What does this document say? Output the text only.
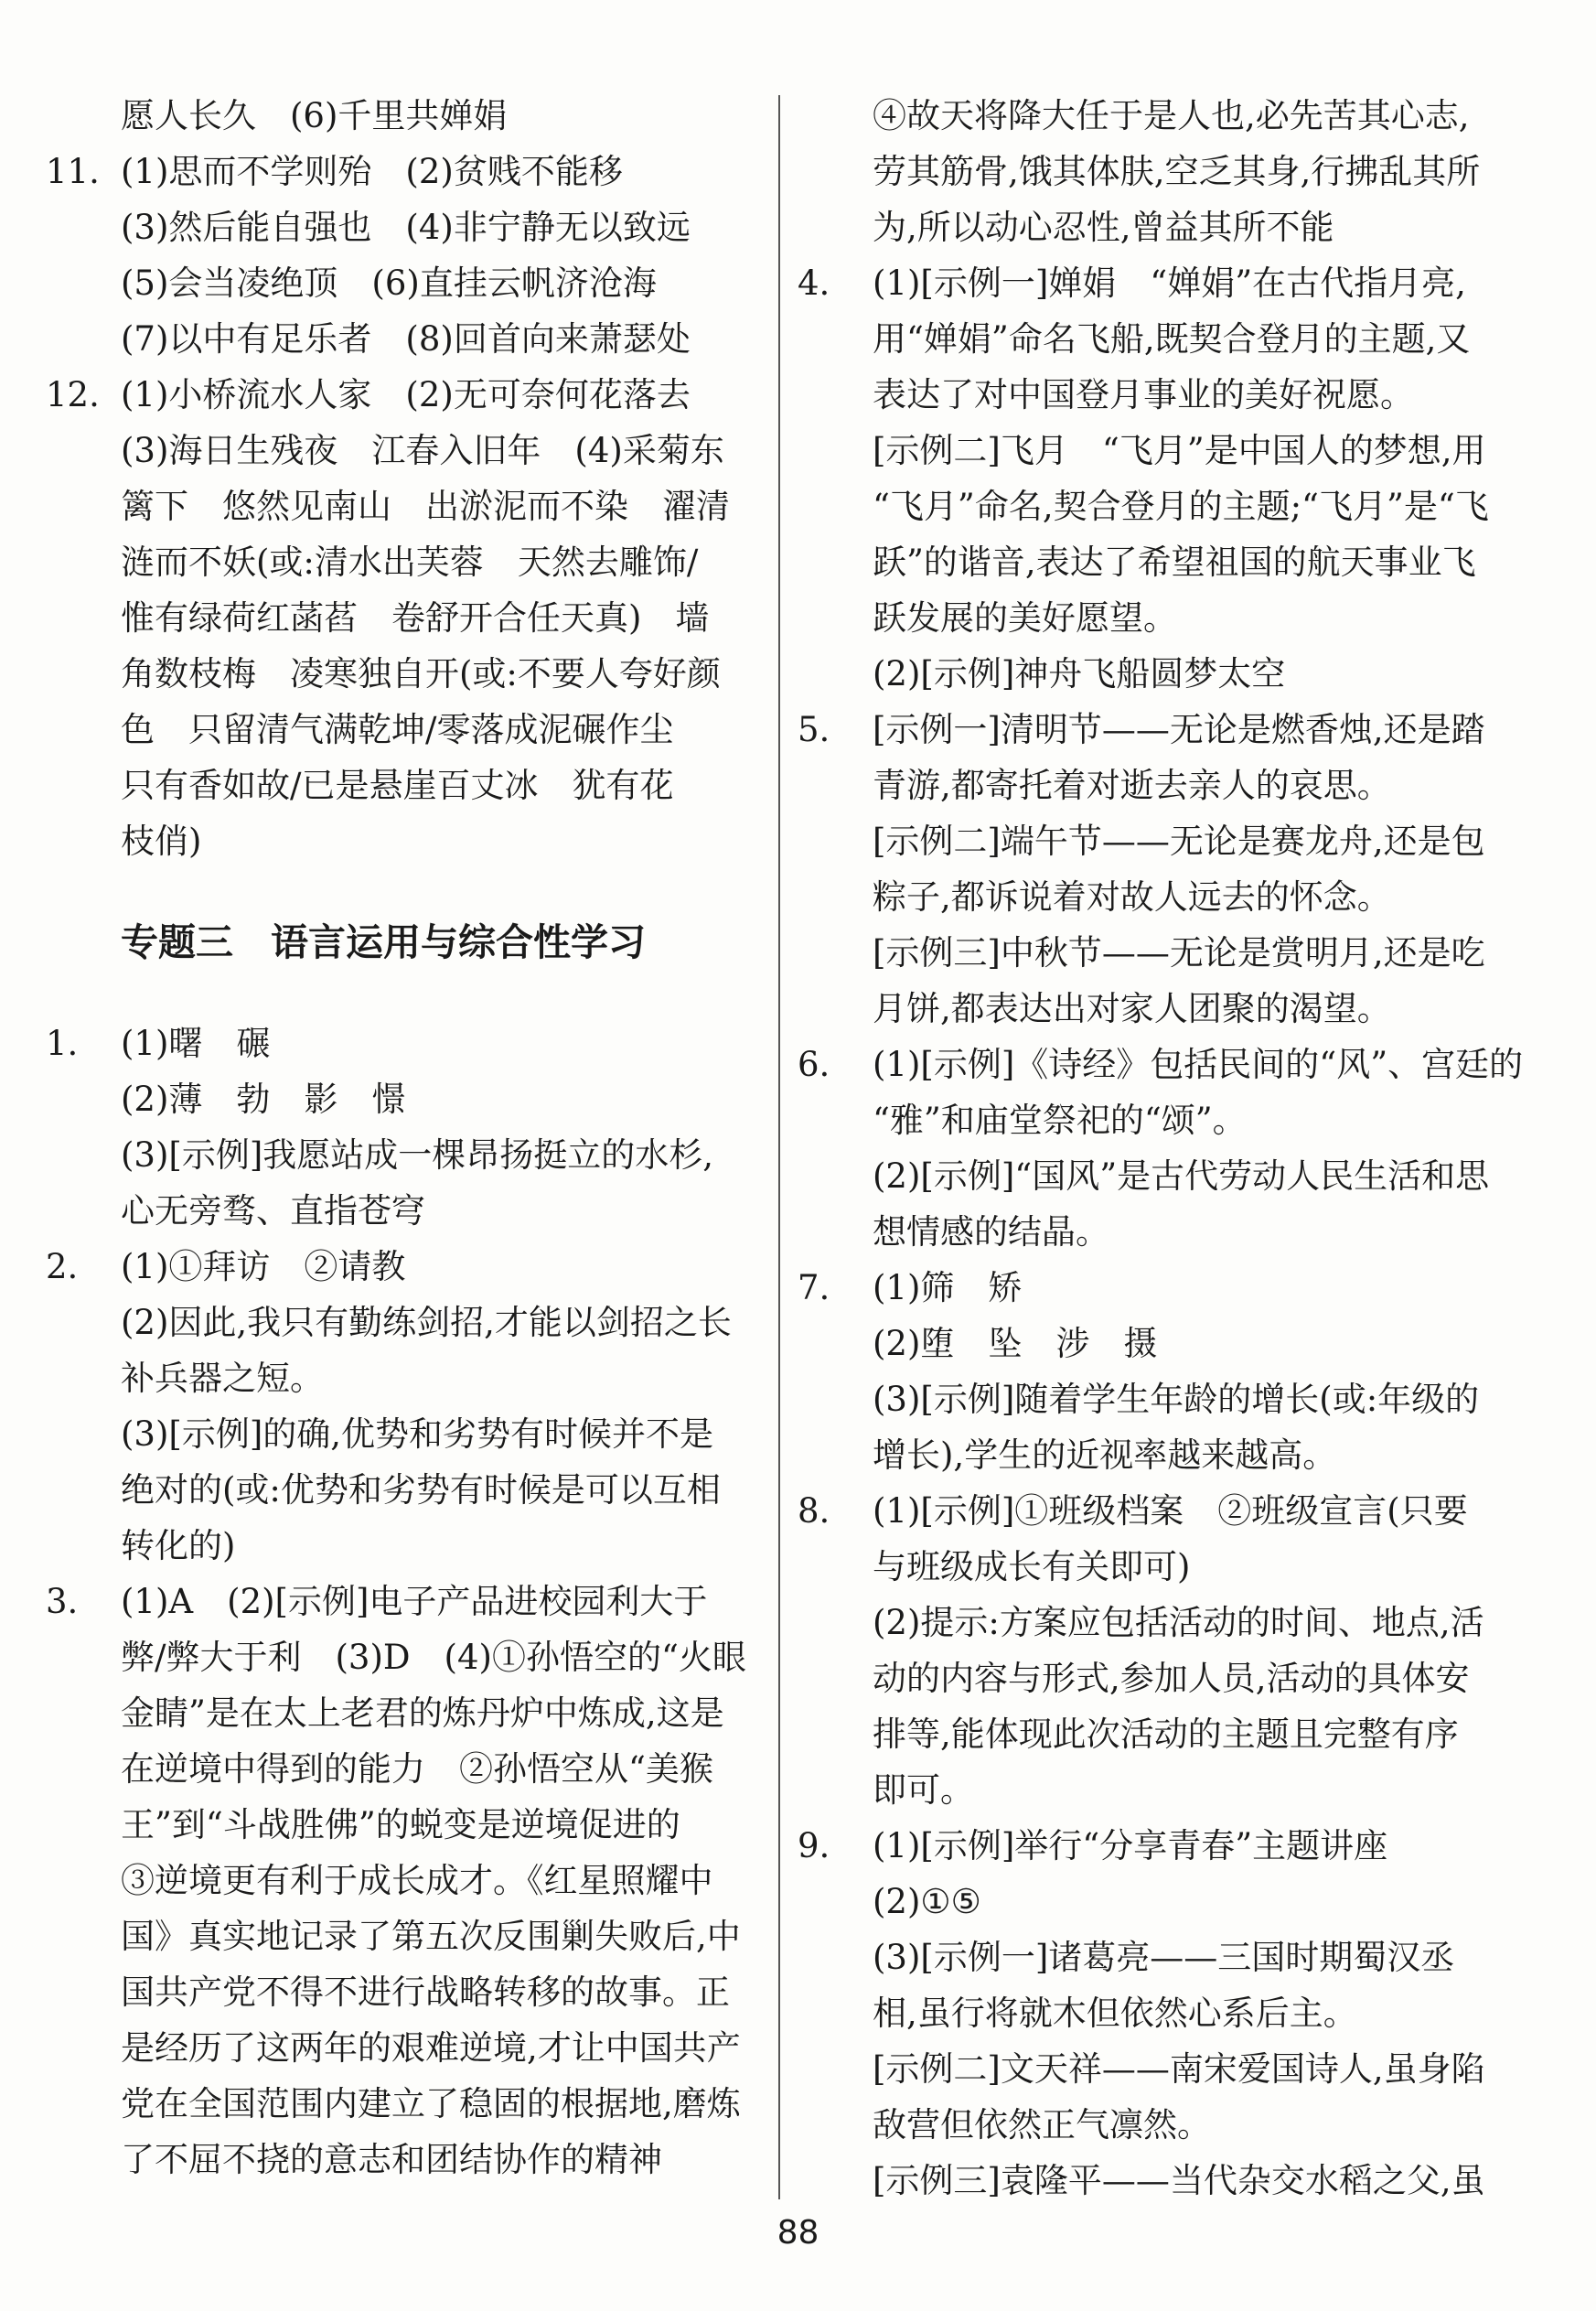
愿人长久　(6)千里共婵娟
11. (1)思而不学则殆　(2)贫贱不能移
(3)然后能自强也　(4)非宁静无以致远
(5)会当凌绝顶　(6)直挂云帆济沧海
(7)以中有足乐者　(8)回首向来萧瑟处
12. (1)小桥流水人家　(2)无可奈何花落去
(3)海日生残夜　江春入旧年　(4)采菊东
篱下　悠然见南山　出淤泥而不染　濯清
涟而不妖(或:清水出芙蓉　天然去雕饰/
惟有绿荷红菡萏　卷舒开合任天真)　墙
角数枝梅　凌寒独自开(或:不要人夸好颜
色　只留清气满乾坤/零落成泥碾作尘
只有香如故/已是悬崖百丈冰　犹有花
枝俏)
专题三　语言运用与综合性学习
1. (1)曙　碾
(2)薄　勃　影　憬
(3)[示例]我愿站成一棵昂扬挺立的水杉,
心无旁骛、直指苍穹
2. (1)①拜访　②请教
(2)因此,我只有勤练剑招,才能以剑招之长
补兵器之短。
(3)[示例]的确,优势和劣势有时候并不是
绝对的(或:优势和劣势有时候是可以互相
转化的)
3. (1)A　(2)[示例]电子产品进校园利大于
弊/弊大于利　(3)D　(4)①孙悟空的“火眼
金睛”是在太上老君的炼丹炉中炼成,这是
在逆境中得到的能力　②孙悟空从“美猴
王”到“斗战胜佛”的蜕变是逆境促进的
③逆境更有利于成长成才。《红星照耀中
国》真实地记录了第五次反围剿失败后,中
国共产党不得不进行战略转移的故事。正
是经历了这两年的艰难逆境,才让中国共产
党在全国范围内建立了稳固的根据地,磨炼
了不屈不挠的意志和团结协作的精神
④故天将降大任于是人也,必先苦其心志,
劳其筋骨,饿其体肤,空乏其身,行拂乱其所
为,所以动心忍性,曾益其所不能
4. (1)[示例一]婵娟　“婵娟”在古代指月亮,
用“婵娟”命名飞船,既契合登月的主题,又
表达了对中国登月事业的美好祝愿。
[示例二]飞月　“飞月”是中国人的梦想,用
“飞月”命名,契合登月的主题;“飞月”是“飞
跃”的谐音,表达了希望祖国的航天事业飞
跃发展的美好愿望。
(2)[示例]神舟飞船圆梦太空
5. [示例一]清明节——无论是燃香烛,还是踏
青游,都寄托着对逝去亲人的哀思。
[示例二]端午节——无论是赛龙舟,还是包
粽子,都诉说着对故人远去的怀念。
[示例三]中秋节——无论是赏明月,还是吃
月饼,都表达出对家人团聚的渴望。
6. (1)[示例]《诗经》包括民间的“风”、宫廷的
“雅”和庙堂祭祀的“颂”。
(2)[示例]“国风”是古代劳动人民生活和思
想情感的结晶。
7. (1)筛　矫
(2)堕　坠　涉　摄
(3)[示例]随着学生年龄的增长(或:年级的
增长),学生的近视率越来越高。
8. (1)[示例]①班级档案　②班级宣言(只要
与班级成长有关即可)
(2)提示:方案应包括活动的时间、地点,活
动的内容与形式,参加人员,活动的具体安
排等,能体现此次活动的主题且完整有序
即可。
9. (1)[示例]举行“分享青春”主题讲座
(2)①⑤
(3)[示例一]诸葛亮——三国时期蜀汉丞
相,虽行将就木但依然心系后主。
[示例二]文天祥——南宋爱国诗人,虽身陷
敌营但依然正气凛然。
[示例三]袁隆平——当代杂交水稻之父,虽
88
